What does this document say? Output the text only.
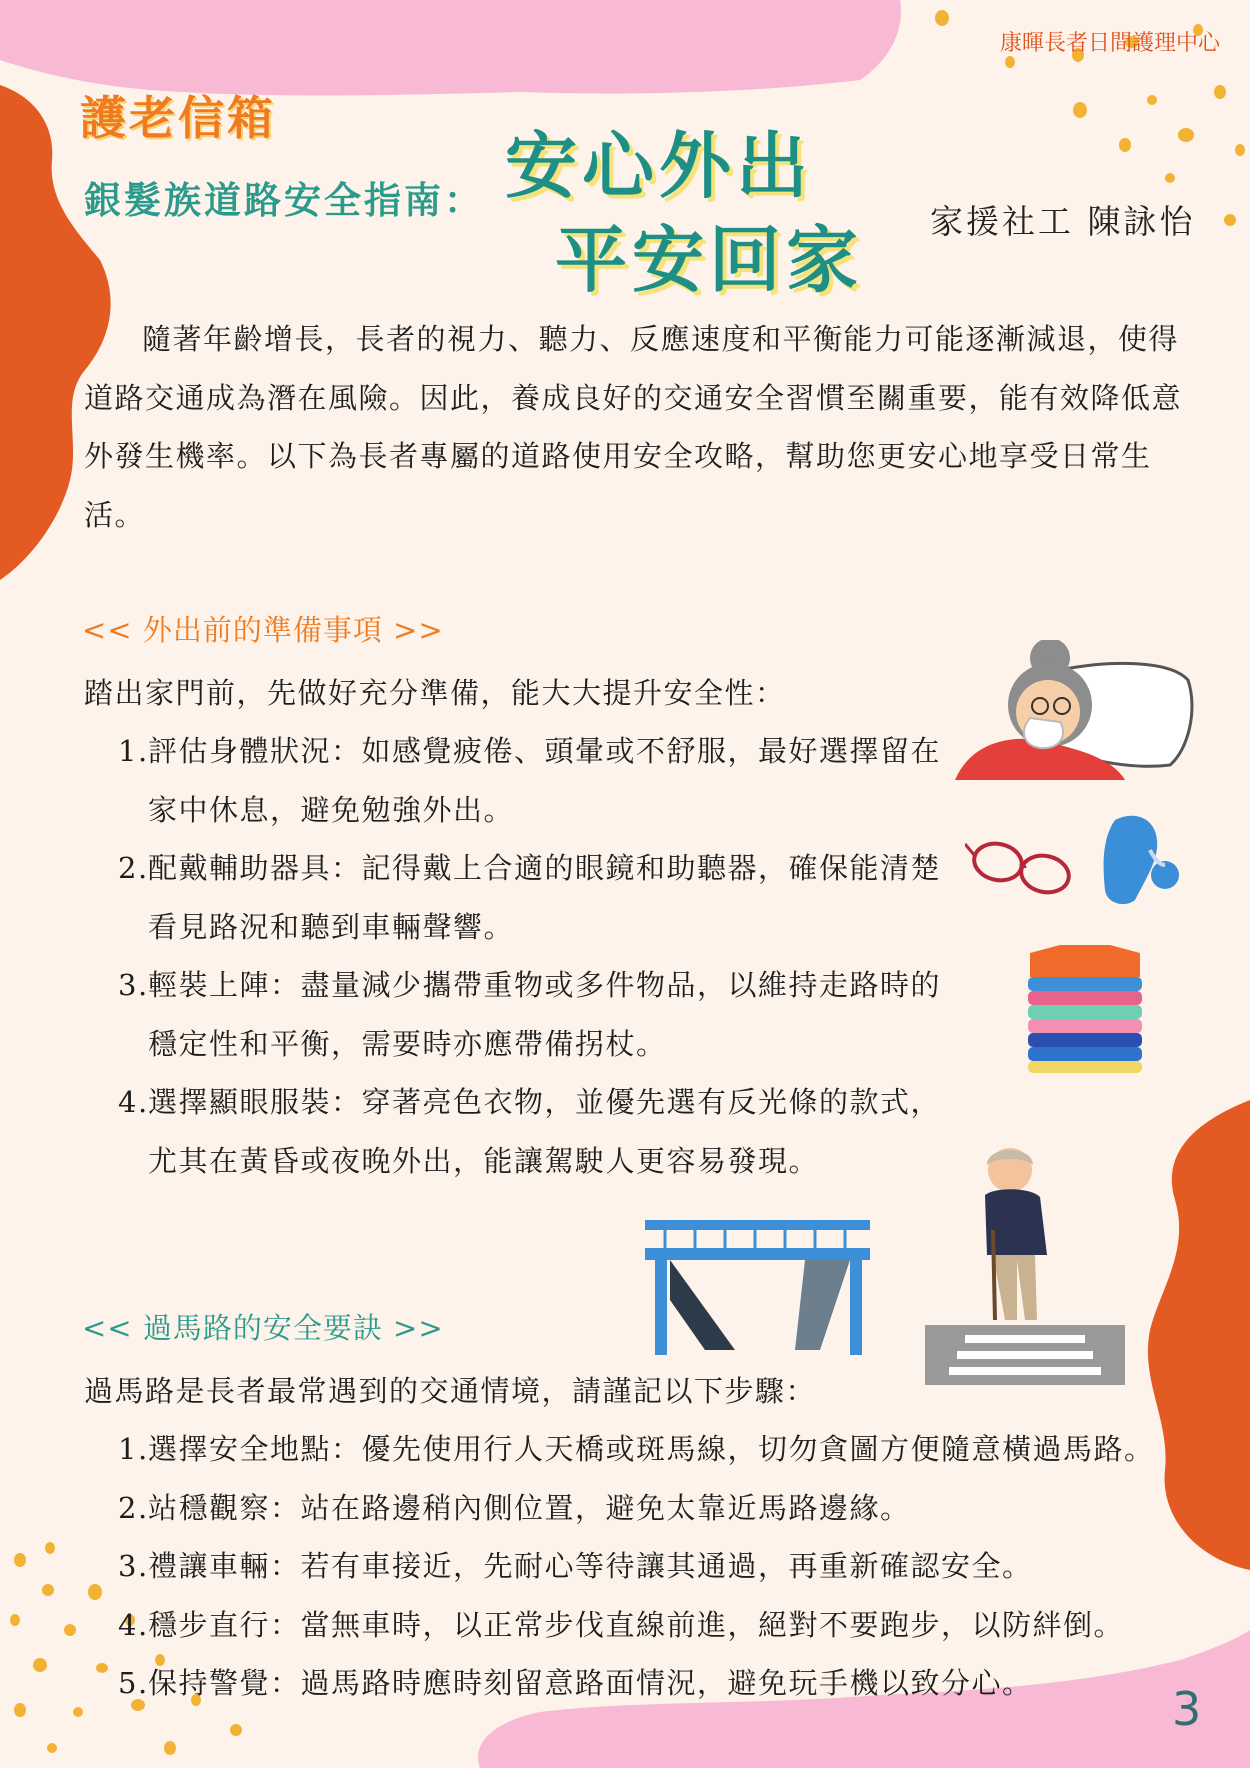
康暉長者日間護理中心
護老信箱
銀髮族道路安全指南： 安心外出
平安回家 家援社工 陳詠怡
隨著年齡增長，長者的視力、聽力、反應速度和平衡能力可能逐漸減退，使得道路交通成為潛在風險。因此，養成良好的交通安全習慣至關重要，能有效降低意外發生機率。以下為長者專屬的道路使用安全攻略，幫助您更安心地享受日常生活。
<< 外出前的準備事項 >>
踏出家門前，先做好充分準備，能大大提升安全性：
1. 評估身體狀況：如感覺疲倦、頭暈或不舒服，最好選擇留在家中休息，避免勉強外出。
2. 配戴輔助器具：記得戴上合適的眼鏡和助聽器，確保能清楚看見路況和聽到車輛聲響。
3. 輕裝上陣：盡量減少攜帶重物或多件物品，以維持走路時的穩定性和平衡，需要時亦應帶備拐杖。
4. 選擇顯眼服裝：穿著亮色衣物，並優先選有反光條的款式，尤其在黃昏或夜晚外出，能讓駕駛人更容易發現。
<< 過馬路的安全要訣 >>
過馬路是長者最常遇到的交通情境，請謹記以下步驟：
1. 選擇安全地點：優先使用行人天橋或斑馬線，切勿貪圖方便隨意橫過馬路。
2. 站穩觀察：站在路邊稍內側位置，避免太靠近馬路邊緣。
3. 禮讓車輛：若有車接近，先耐心等待讓其通過，再重新確認安全。
4. 穩步直行：當無車時，以正常步伐直線前進，絕對不要跑步，以防絆倒。
5. 保持警覺：過馬路時應時刻留意路面情況，避免玩手機以致分心。	3
